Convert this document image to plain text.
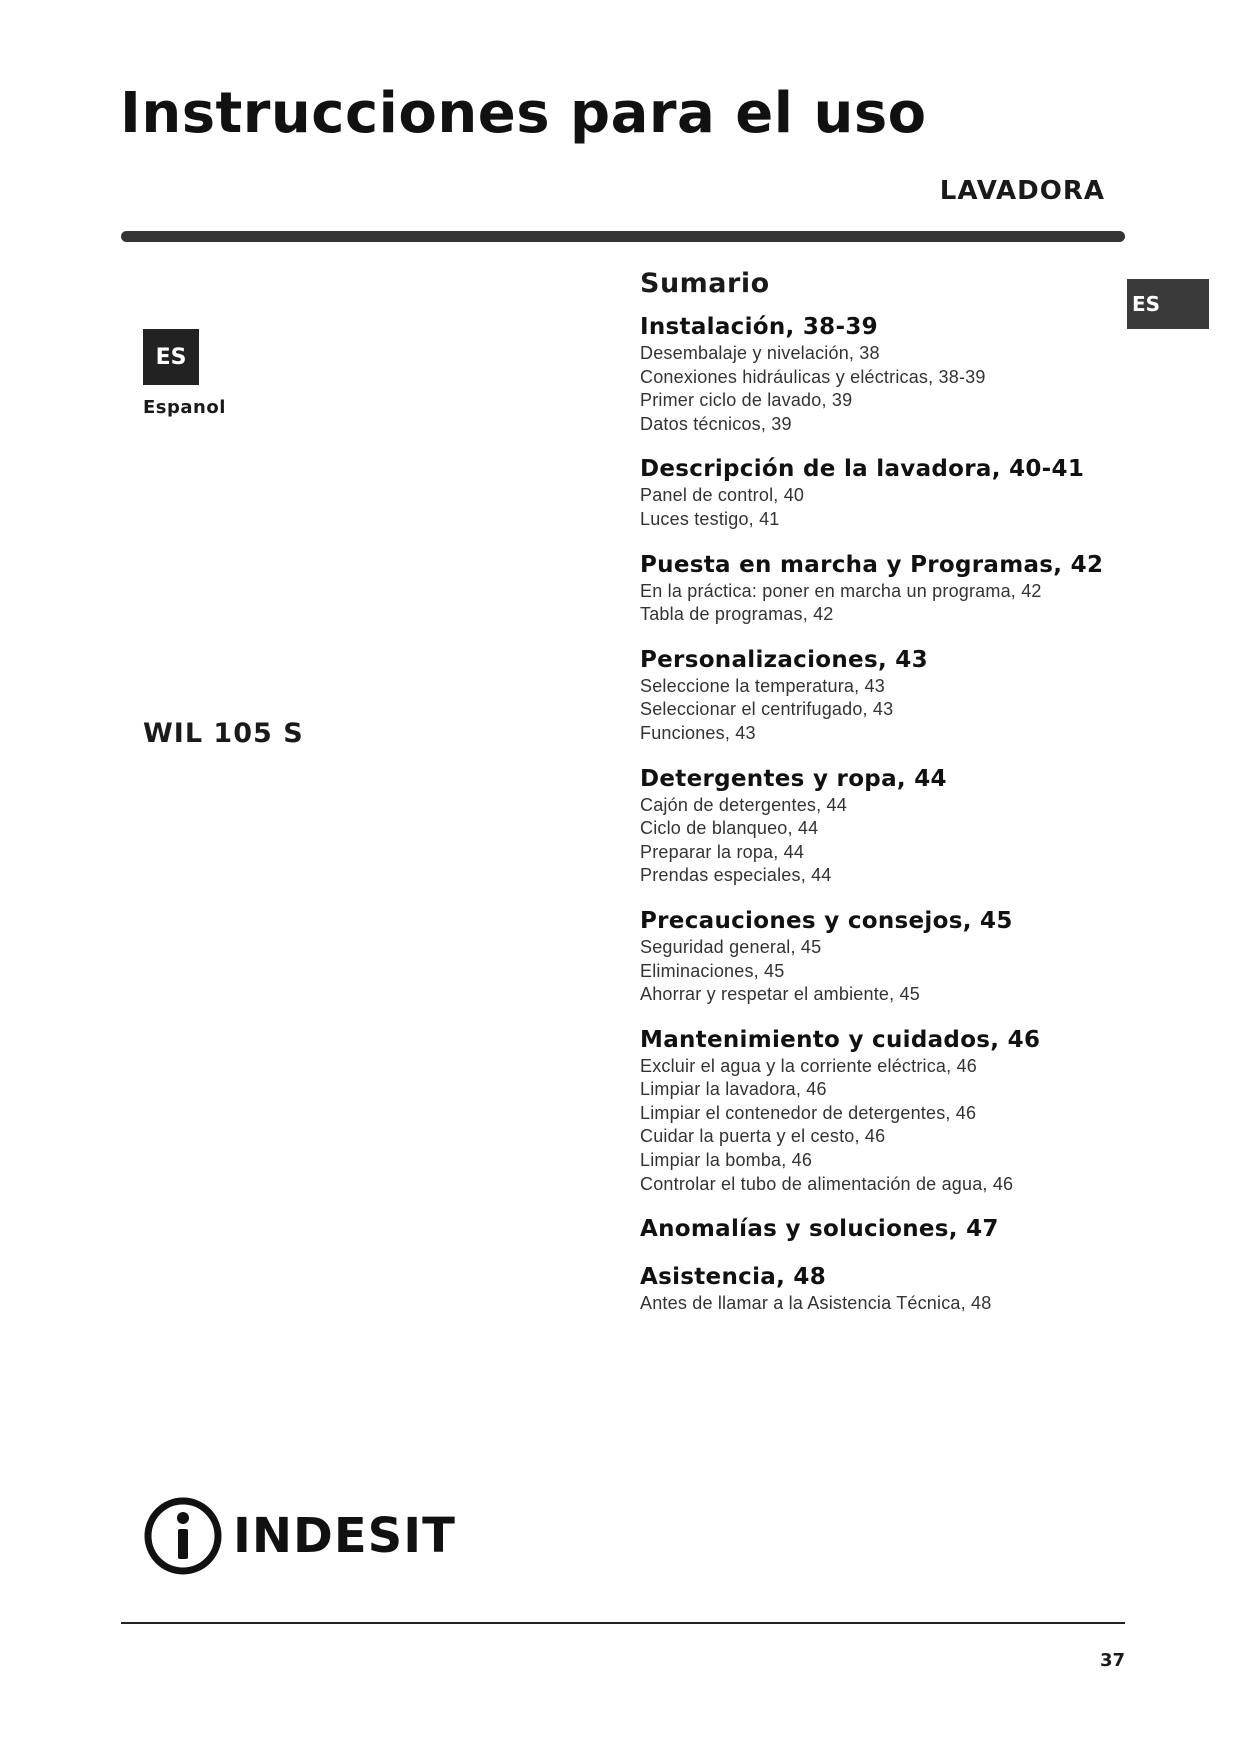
Instrucciones para el uso
LAVADORA
ES
Espanol
WIL 105 S
ES
Sumario
Instalación, 38-39
Desembalaje y nivelación, 38
Conexiones hidráulicas y eléctricas, 38-39
Primer ciclo de lavado, 39
Datos técnicos, 39
Descripción de la lavadora, 40-41
Panel de control, 40
Luces testigo, 41
Puesta en marcha y Programas, 42
En la práctica: poner en marcha un programa, 42
Tabla de programas, 42
Personalizaciones, 43
Seleccione la temperatura, 43
Seleccionar el centrifugado, 43
Funciones, 43
Detergentes y ropa, 44
Cajón de detergentes, 44
Ciclo de blanqueo, 44
Preparar la ropa, 44
Prendas especiales, 44
Precauciones y consejos, 45
Seguridad general, 45
Eliminaciones, 45
Ahorrar y respetar el ambiente, 45
Mantenimiento y cuidados, 46
Excluir el agua y la corriente eléctrica, 46
Limpiar la lavadora, 46
Limpiar el contenedor de detergentes, 46
Cuidar la puerta y el cesto, 46
Limpiar la bomba, 46
Controlar el tubo de alimentación de agua, 46
Anomalías y soluciones, 47
Asistencia, 48
Antes de llamar a la Asistencia Técnica, 48
INDESIT
37
